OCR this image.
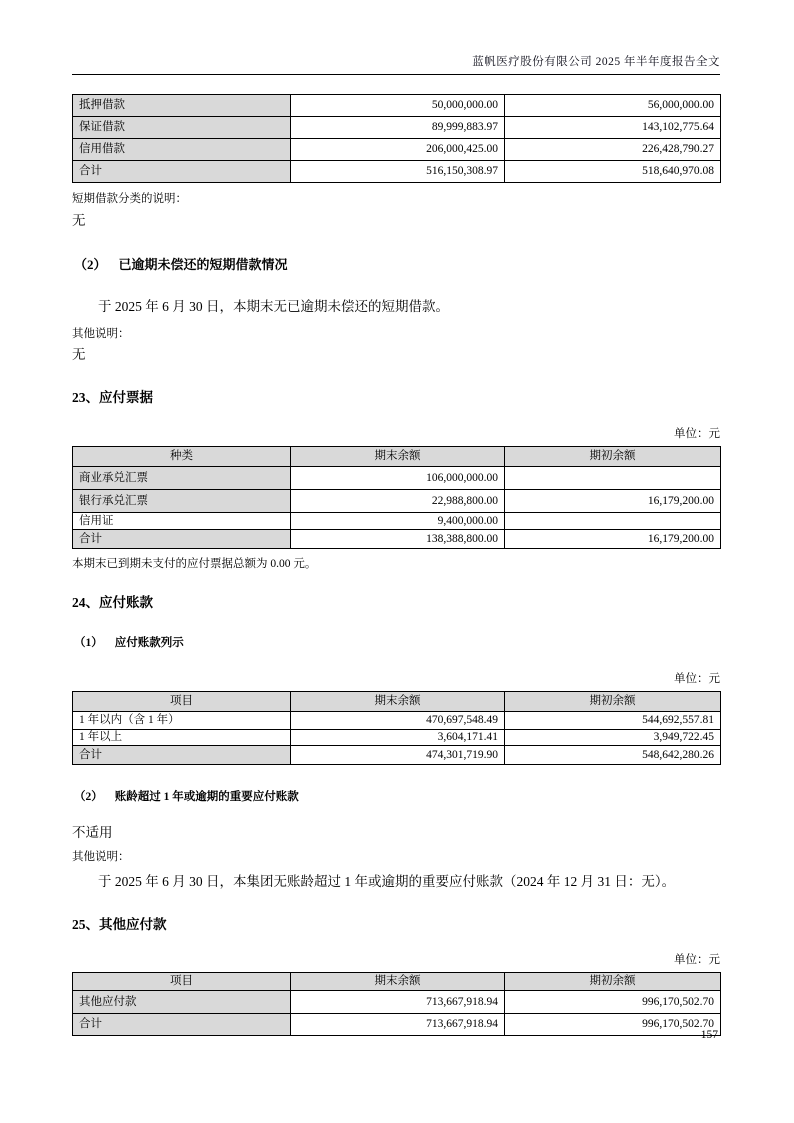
蓝帆医疗股份有限公司 2025 年半年度报告全文
抵押借款	50,000,000.00	56,000,000.00
保证借款	89,999,883.97	143,102,775.64
信用借款	206,000,425.00	226,428,790.27
合计	516,150,308.97	518,640,970.08
短期借款分类的说明：
无
（2） 已逾期未偿还的短期借款情况
于 2025 年 6 月 30 日，本期末无已逾期未偿还的短期借款。
其他说明：
无
23、应付票据
单位：元
种类	期末余额	期初余额
商业承兑汇票	106,000,000.00	
银行承兑汇票	22,988,800.00	16,179,200.00
信用证	9,400,000.00	
合计	138,388,800.00	16,179,200.00
本期末已到期未支付的应付票据总额为 0.00 元。
24、应付账款
（1） 应付账款列示
单位：元
项目	期末余额	期初余额
1 年以内（含 1 年）	470,697,548.49	544,692,557.81
1 年以上	3,604,171.41	3,949,722.45
合计	474,301,719.90	548,642,280.26
（2） 账龄超过 1 年或逾期的重要应付账款
不适用
其他说明：
于 2025 年 6 月 30 日，本集团无账龄超过 1 年或逾期的重要应付账款（2024 年 12 月 31 日：无）。
25、其他应付款
单位：元
项目	期末余额	期初余额
其他应付款	713,667,918.94	996,170,502.70
合计	713,667,918.94	996,170,502.70
157
